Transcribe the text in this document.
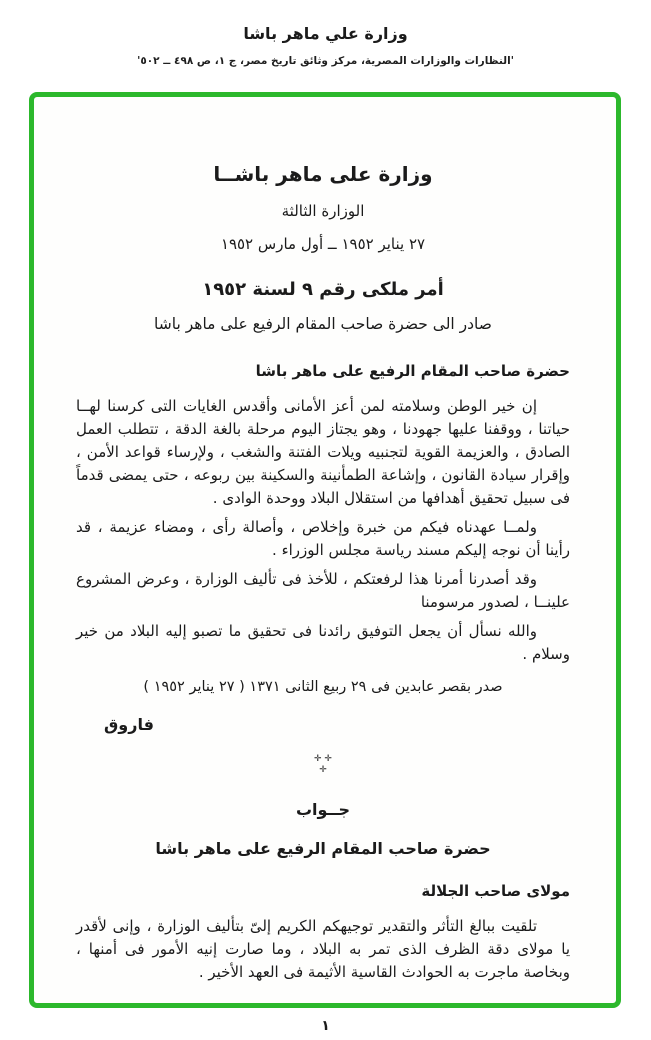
وزارة علي ماهر باشا
'النظارات والوزارات المصرية، مركز وثائق تاريخ مصر، ج ١، ص ٤٩٨ ــ ٥٠٢'
وزارة على ماهر باشــا
الوزارة الثالثة
٢٧ يناير ١٩٥٢ ــ أول مارس ١٩٥٢
أمر ملكى رقم ٩ لسنة ١٩٥٢
صادر الى حضرة صاحب المقام الرفيع على ماهر باشا
حضرة صاحب المقام الرفيع على ماهر باشا

إن خير الوطن وسلامته لمن أعز الأمانى وأقدس الغايات التى كرسنا لهــا حياتنا ، ووقفنا عليها جهودنا ، وهو يجتاز اليوم مرحلة بالغة الدقة ، تتطلب العمل الصادق ، والعزيمة القوية لتجنبيه ويلات الفتنة والشغب ، ولإرساء قواعد الأمن ، وإقرار سيادة القانون ، وإشاعة الطمأنينة والسكينة بين ربوعه ، حتى يمضى قدماً فى سبيل تحقيق أهدافها من استقلال البلاد ووحدة الوادى .

ولمــا عهدناه فيكم من خبرة وإخلاص ، وأصالة رأى ، ومضاء عزيمة ، قد رأينا أن نوجه إليكم مسند رياسة مجلس الوزراء .

وقد أصدرنا أمرنا هذا لرفعتكم ، للأخذ فى تأليف الوزارة ، وعرض المشروع علينــا ، لصدور مرسومنا

والله نسأل أن يجعل التوفيق رائدنا فى تحقيق ما تصبو إليه البلاد من خير وسلام .

صدر بقصر عابدين فى ٢٩ ربيع الثانى ١٣٧١ ( ٢٧ يناير ١٩٥٢ )
فاروق
✛ ✛
✛
جــواب
حضرة صاحب المقام الرفيع على ماهر باشا
مولاى صاحب الجلالة

تلقيت ببالغ التأثر والتقدير توجيهكم الكريم إلىّ بتأليف الوزارة ، وإنى لأقدر يا مولاى دقة الظرف الذى تمر به البلاد ، وما صارت إنيه الأمور فى أمنها ، وبخاصة ماجرت به الحوادث القاسية الأثيمة فى العهد الأخير .

١
